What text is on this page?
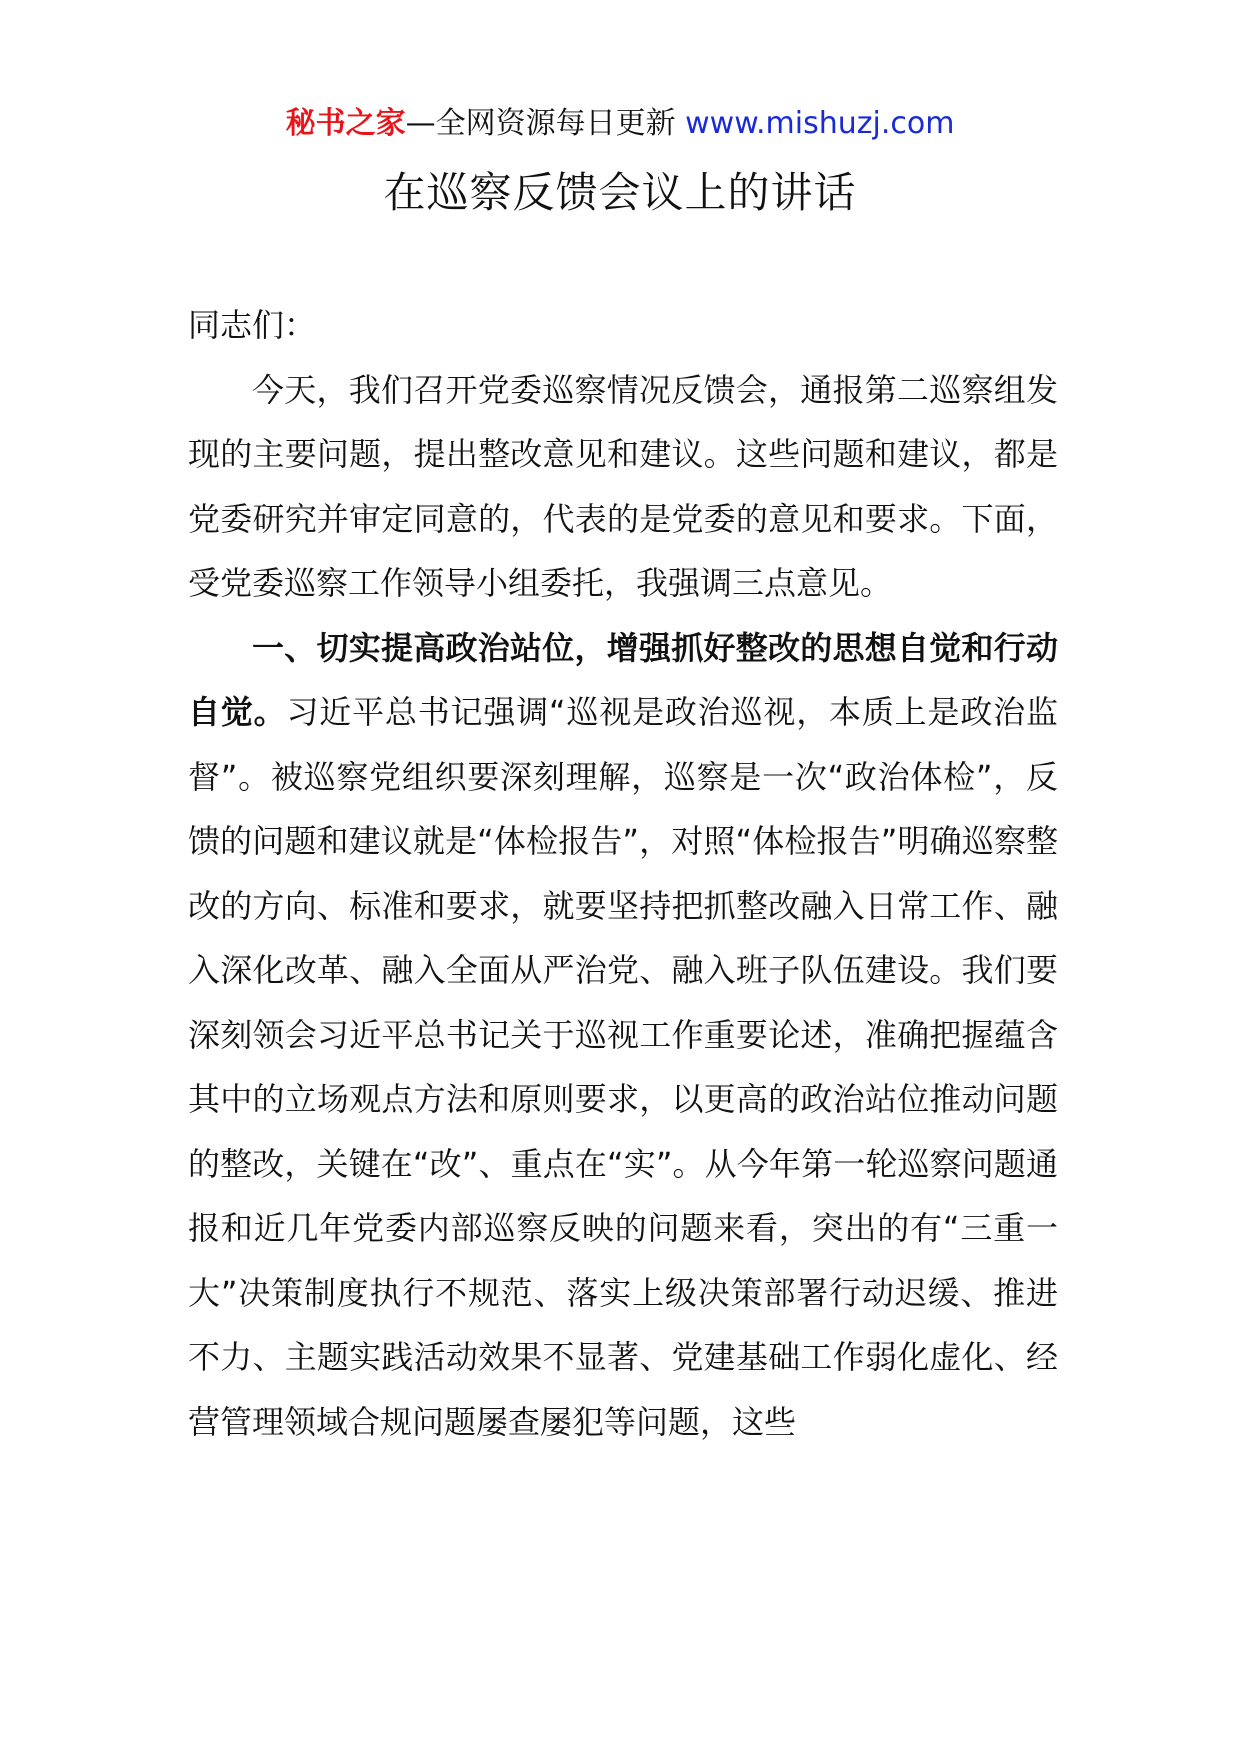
秘书之家—全网资源每日更新 www.mishuzj.com
在巡察反馈会议上的讲话

同志们：

今天，我们召开党委巡察情况反馈会，通报第二巡察组发现的主要问题，提出整改意见和建议。这些问题和建议，都是党委研究并审定同意的，代表的是党委的意见和要求。下面，受党委巡察工作领导小组委托，我强调三点意见。

一、切实提高政治站位，增强抓好整改的思想自觉和行动自觉。习近平总书记强调“巡视是政治巡视，本质上是政治监督”。被巡察党组织要深刻理解，巡察是一次“政治体检”，反馈的问题和建议就是“体检报告”，对照“体检报告”明确巡察整改的方向、标准和要求，就要坚持把抓整改融入日常工作、融入深化改革、融入全面从严治党、融入班子队伍建设。我们要深刻领会习近平总书记关于巡视工作重要论述，准确把握蕴含其中的立场观点方法和原则要求，以更高的政治站位推动问题的整改，关键在“改”、重点在“实”。从今年第一轮巡察问题通报和近几年党委内部巡察反映的问题来看，突出的有“三重一大”决策制度执行不规范、落实上级决策部署行动迟缓、推进不力、主题实践活动效果不显著、党建基础工作弱化虚化、经营管理领域合规问题屡查屡犯等问题，这些
